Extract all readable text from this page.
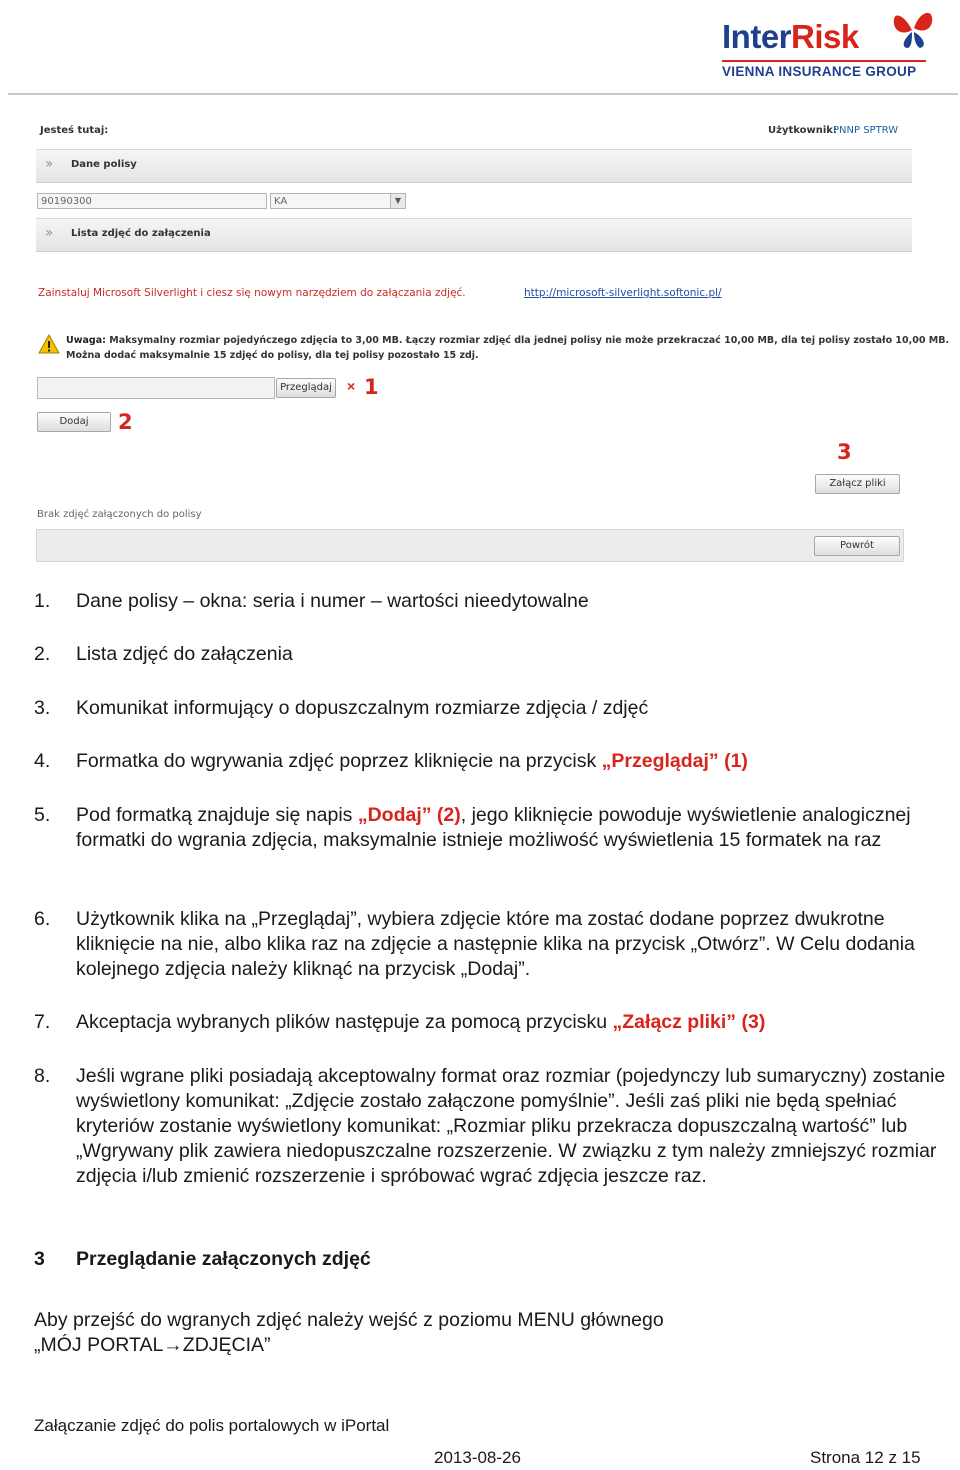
InterRisk
VIENNA INSURANCE GROUP
Jesteś tutaj:	Użytkownik:
PNNP SPTRW
›› Dane polisy
90190300	KA	▼
›› Lista zdjęć do załączenia
Zainstaluj Microsoft Silverlight i ciesz się nowym narzędziem do załączania zdjęć.	http://microsoft-silverlight.softonic.pl/
Uwaga: Maksymalny rozmiar pojedyńczego zdjęcia to 3,00 MB. Łączy rozmiar zdjęć dla jednej polisy nie może przekraczać 10,00 MB, dla tej polisy zostało 10,00 MB.
Można dodać maksymalnie 15 zdjęć do polisy, dla tej polisy pozostało 15 zdj.
Przeglądaj × 1
Dodaj	2
3
Załącz pliki
Brak zdjęć załączonych do polisy
Powrót
1. Dane polisy – okna: seria i numer – wartości nieedytowalne
2. Lista zdjęć do załączenia
3. Komunikat informujący o dopuszczalnym rozmiarze zdjęcia / zdjęć
4. Formatka do wgrywania zdjęć poprzez kliknięcie na przycisk „Przeglądaj” (1)
5. Pod formatką znajduje się napis „Dodaj” (2), jego kliknięcie powoduje wyświetlenie analogicznej formatki do wgrania zdjęcia, maksymalnie istnieje możliwość wyświetlenia 15 formatek na raz
6. Użytkownik klika na „Przeglądaj”, wybiera zdjęcie które ma zostać dodane poprzez dwukrotne kliknięcie na nie, albo klika raz na zdjęcie a następnie klika na przycisk „Otwórz”. W Celu dodania kolejnego zdjęcia należy kliknąć na przycisk „Dodaj”.
7. Akceptacja wybranych plików następuje za pomocą przycisku „Załącz pliki” (3)
8. Jeśli wgrane pliki posiadają akceptowalny format oraz rozmiar (pojedynczy lub sumaryczny) zostanie wyświetlony komunikat: „Zdjęcie zostało załączone pomyślnie”. Jeśli zaś pliki nie będą spełniać kryteriów zostanie wyświetlony komunikat: „Rozmiar pliku przekracza dopuszczalną wartość” lub „Wgrywany plik zawiera niedopuszczalne rozszerzenie. W związku z tym należy zmniejszyć rozmiar zdjęcia i/lub zmienić rozszerzenie i spróbować wgrać zdjęcia jeszcze raz.
3 Przeglądanie załączonych zdjęć
Aby przejść do wgranych zdjęć należy wejść z poziomu MENU głównego
„MÓJ PORTAL→ZDJĘCIA”
Załączanie zdjęć do polis portalowych w iPortal
2013-08-26	Strona 12 z 15
